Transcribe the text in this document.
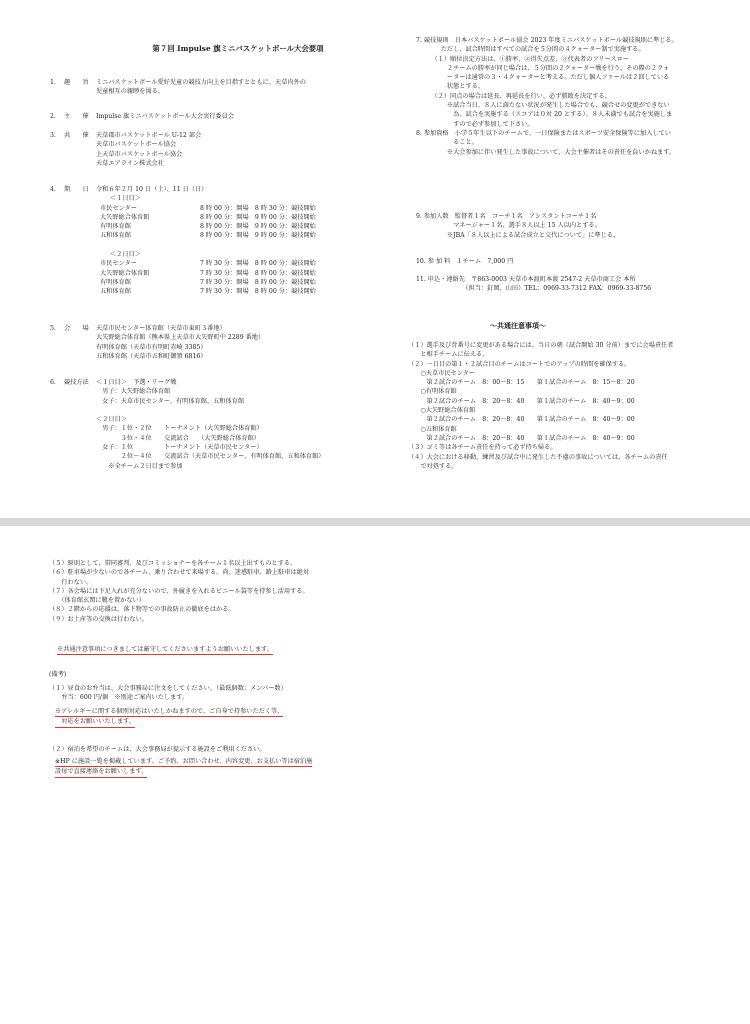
第７回 Impulse 旗ミニバスケットボール大会要項
1.	趣　　旨 ミニバスケットボール愛好児童の競技力向上を目指すとともに、天草内外の
児童相互の親睦を図る。
2.	主　　催 Impulse 旗ミニバスケットボール大会実行委員会
3.	共　　催 天草郡市バスケットボール U-12 部会
天草市バスケットボール協会
上天草市バスケットボール協会
天草エアライン株式会社
4.	期　　日 令和６年２月 10 日（土）、11 日（日）
＜１日目＞
市民センター	8 時 00 分：開場　8 時 30 分：競技開始
大矢野総合体育館	8 時 00 分：開場　9 時 00 分：競技開始
有明体育館	8 時 00 分：開場　9 時 00 分：競技開始
五和体育館	8 時 00 分：開場　9 時 00 分：競技開始

＜２日目＞
市民センター	7 時 30 分：開場　8 時 00 分：競技開始
大矢野総合体育館	7 時 30 分：開場　8 時 00 分：競技開始
有明体育館	7 時 30 分：開場　8 時 00 分：競技開始
五和体育館	7 時 30 分：開場　8 時 00 分：競技開始
5.	会　　場 天草市民センター体育館（天草市東町３番地）
大矢野総合体育館（熊本県上天草市大矢野町中 2289 番地）
有明体育館（天草市有明町赤崎 3385）
五和体育館（天草市五和町御領 6816）
6.	競技方法 ＜１日目＞　予選・リーグ戦
　男子：大矢野総合体育館
　女子：天草市民センター、有明体育館、五和体育館

＜２日目＞
　男子：１位・２位　　トーナメント（大矢野総合体育館）
　　　　３位・４位　　交流試合　　（大矢野総合体育館）
　女子：１位　　　　　トーナメント（天草市民センター）
　　　　２位〜４位　　交流試合（天草市民センター、有明体育館、五和体育館）
　　※全チーム２日目まで参加
7. 競技規則　日本バスケットボール協会 2023 年度ミニバスケットボール競技規則に準じる。
　　　　ただし、試合時間はすべての試合を５分間の４クォーター制で実施する。
　　　（１）順位決定方法は、①勝率、②得失点差、③代表者のフリースロー
　　　　　２チームの勝率が同じ場合は、５分間の２クォーター戦を行う。その際の２クォ
　　　　　ーターは通常の３・４クォーターと考える。ただし個人ファールは２回している
　　　　　状態とする。
　　　（２）同点の場合は延長、再延長を行い、必ず勝敗を決定する。
　　　　　※試合当日、８人に満たない状況が発生した場合でも、競合せの変更ができない
　　　　　　為、試合を実施する（スコアは０対 20 とする）。８人未満でも試合を実施しま
　　　　　　すので必ず参加して下さい。
8. 参加資格　小学５年生以下のチームで、一日保険またはスポーツ安全保険等に加入してい
　　　　　　ること。
　　　　　※大会参加に伴い発生した事故について、大会主催者はその責任を負いかねます。
9. 参加人数　監督者１名　コーチ１名　アシスタントコーチ１名
　　　　　　マネージャー１名、選手８人以上 15 人以内とする。
　　　　　※JBA「８人以上による試合成立と交代について」に準じる。
10. 参 加 料　１チーム　7,000 円
11. 申込・連絡先　〒863-0003 天草市本渡町本渡 2547-2 天草市商工会 本所
　　　　　　　　（担当：釘岡、山田）TEL：0969-33-7312 FAX：0969-33-8756
〜共通注意事項〜
（１）選手及び背番号に変更がある場合には、当日の朝（試合開始 30 分前）までに会場責任者
　　と相手チームに伝える。
（２）一日目の第１・２試合目のチームはコートでのアップの時間を確保する。
　　○天草市民センター
　　　第２試合のチーム　8：00〜8：15　　第１試合のチーム　8：15〜8：20
　　○有明体育館
　　　第２試合のチーム　8：20〜8：40　　第１試合のチーム　8：40〜9：00
　　○大矢野総合体育館
　　　第２試合のチーム　8：20〜8：40　　第１試合のチーム　8：40〜9：00
　　○五和体育館
　　　第２試合のチーム　8：20〜8：40　　第１試合のチーム　8：40〜9：00
（３）ゴミ等は各チーム責任を持って必ず持ち帰る。
（４）大会における移動、練習及び試合中に発生した不慮の事故については、各チームの責任
　　で対処する。
（５）原則として、帯同審判、及びコミッショナーを各チーム１名以上出すものとする。
（６）駐車場が少ないので各チーム、乗り合わせて来場する。尚、迷惑駐車、路上駐車は絶対
　　行わない。
（７）各会場には下足入れが充分ないので、外履きを入れるビニール袋等を持参し活用する。
　　（体育館玄関に靴を置かない）
（８）２階からの応援は、落下物等での事故防止の徹底をはかる。
（９）お土産等の交換は行わない。
※共通注意事項につきましては厳守してくださいますようお願いいたします。
(備考)
（１）昼食のお弁当は、大会事務局に注文をしてください。（最低個数：メンバー数）
　　弁当：600 円/個　※別途ご案内いたします。
※アレルギーに関する個別対応はいたしかねますので、ご自身で持参いただく等、
　対応をお願いいたします。
（２）宿泊を希望のチームは、大会事務局が提示する施設をご利用ください。
※HP に施設一覧を掲載しています。ご予約、お問い合わせ、内容変更、お支払い等は宿泊施
設毎で直接連絡をお願いします。
